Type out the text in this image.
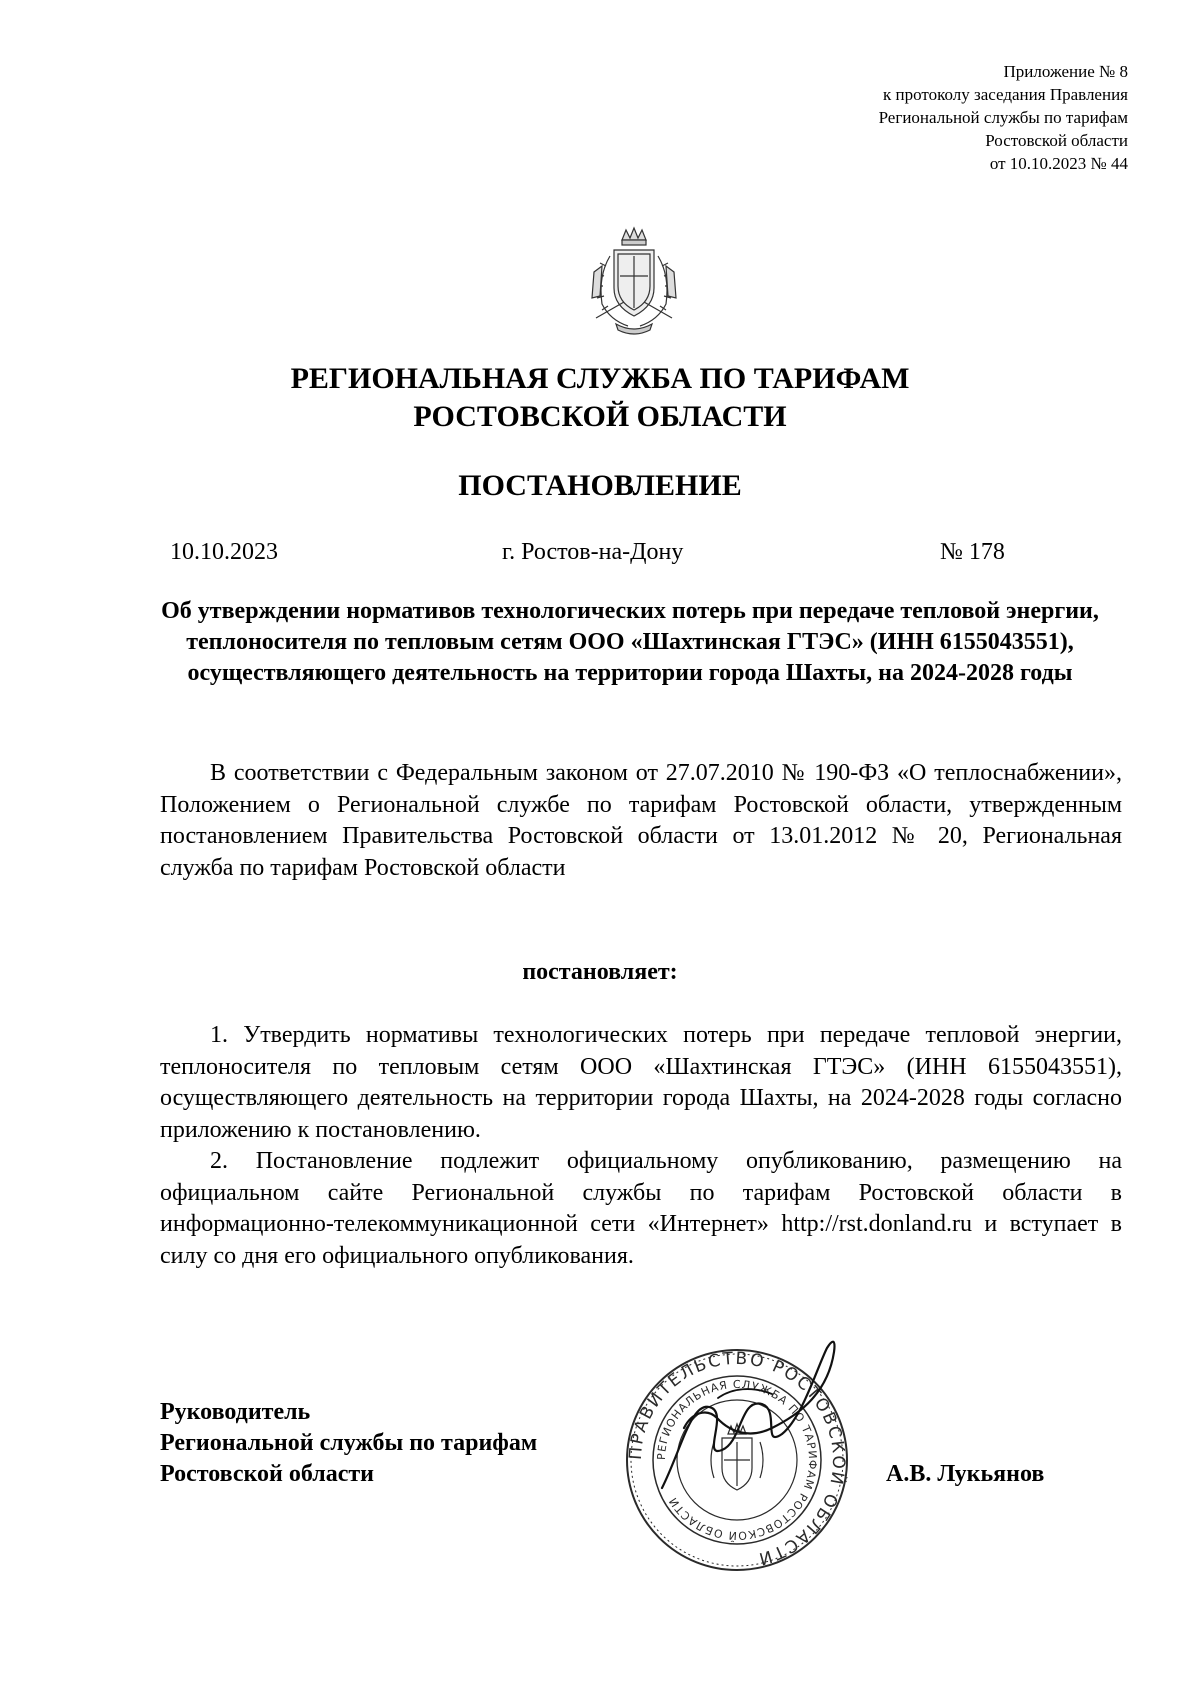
Приложение № 8
к протоколу заседания Правления
Региональной службы по тарифам
Ростовской области
от 10.10.2023 № 44
РЕГИОНАЛЬНАЯ СЛУЖБА ПО ТАРИФАМ
РОСТОВСКОЙ ОБЛАСТИ
ПОСТАНОВЛЕНИЕ
10.10.2023	г. Ростов-на-Дону	№ 178
Об утверждении нормативов технологических потерь при передаче тепловой энергии, теплоносителя по тепловым сетям ООО «Шахтинская ГТЭС» (ИНН 6155043551), осуществляющего деятельность на территории города Шахты, на 2024-2028 годы
В соответствии с Федеральным законом от 27.07.2010 № 190-ФЗ «О теплоснабжении», Положением о Региональной службе по тарифам Ростовской области, утвержденным постановлением Правительства Ростовской области от 13.01.2012 № 20, Региональная служба по тарифам Ростовской области
постановляет:
1. Утвердить нормативы технологических потерь при передаче тепловой энергии, теплоносителя по тепловым сетям ООО «Шахтинская ГТЭС» (ИНН 6155043551), осуществляющего деятельность на территории города Шахты, на 2024-2028 годы согласно приложению к постановлению.
2. Постановление подлежит официальному опубликованию, размещению на официальном сайте Региональной службы по тарифам Ростовской области в информационно-телекоммуникационной сети «Интернет» http://rst.donland.ru и вступает в силу со дня его официального опубликования.
Руководитель
Региональной службы по тарифам
Ростовской области
ПРАВИТЕЛЬСТВО РОСТОВСКОЙ ОБЛАСТИ
РЕГИОНАЛЬНАЯ СЛУЖБА ПО ТАРИФАМ РОСТОВСКОЙ ОБЛАСТИ
А.В. Лукьянов
